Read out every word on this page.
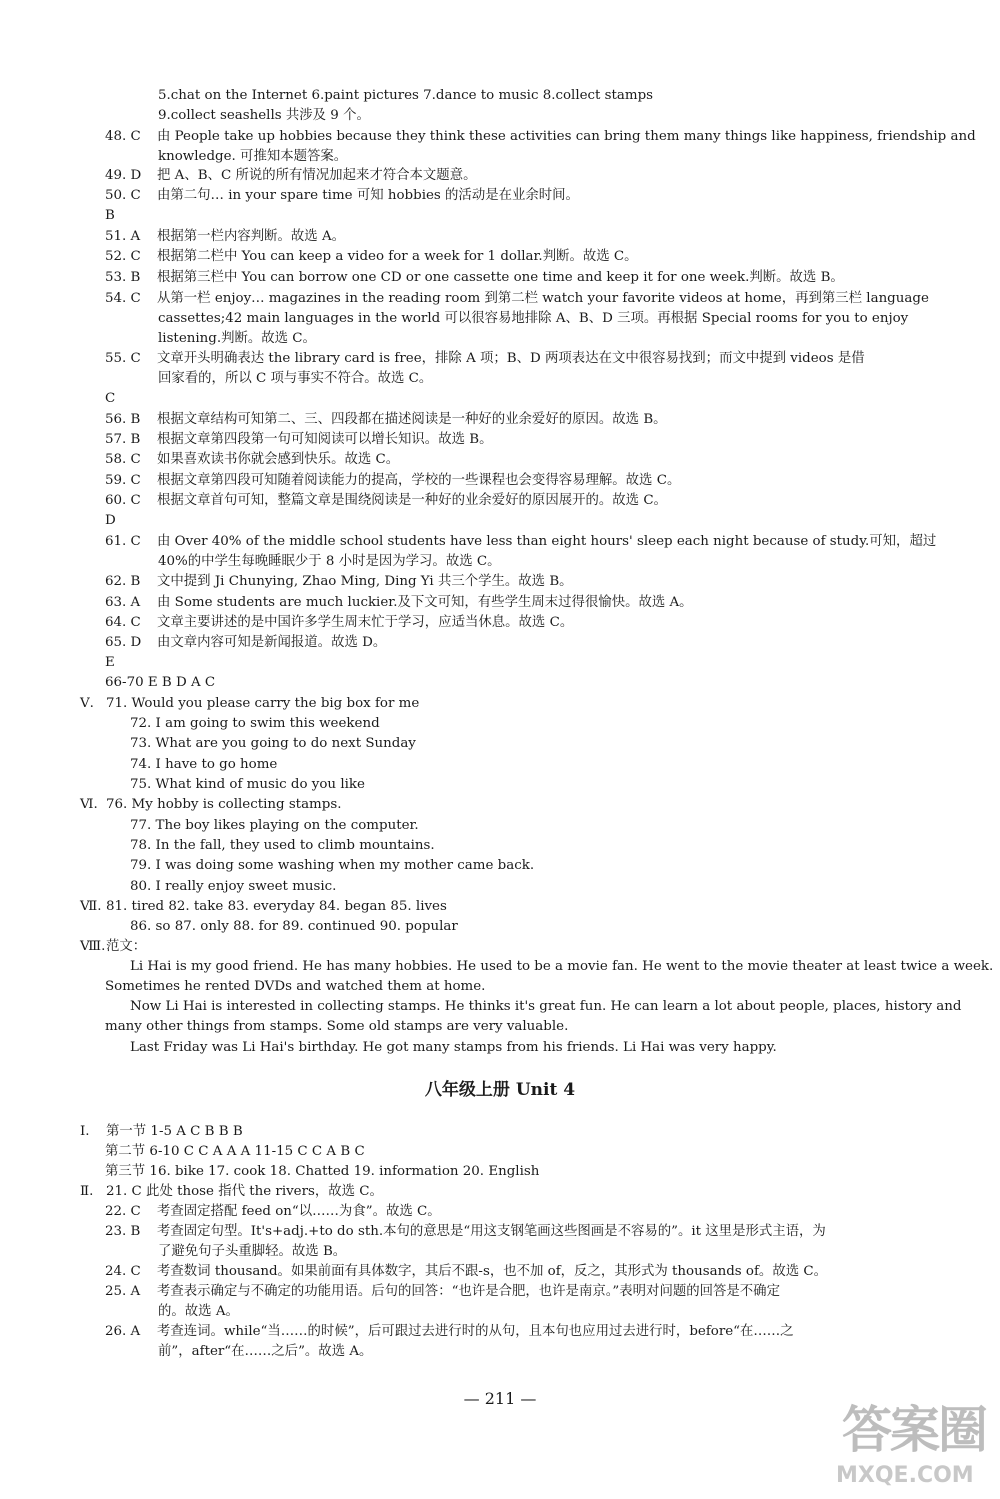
5.chat on the Internet 6.paint pictures 7.dance to music 8.collect stamps
9.collect seashells 共涉及 9 个。
48. C 由 People take up hobbies because they think these activities can bring them many things like happiness, friendship and
knowledge. 可推知本题答案。
49. D 把 A、B、C 所说的所有情况加起来才符合本文题意。
50. C 由第二句… in your spare time 可知 hobbies 的活动是在业余时间。
B
51. A 根据第一栏内容判断。故选 A。
52. C 根据第二栏中 You can keep a video for a week for 1 dollar.判断。故选 C。
53. B 根据第三栏中 You can borrow one CD or one cassette one time and keep it for one week.判断。故选 B。
54. C 从第一栏 enjoy… magazines in the reading room 到第二栏 watch your favorite videos at home，再到第三栏 language
cassettes;42 main languages in the world 可以很容易地排除 A、B、D 三项。再根据 Special rooms for you to enjoy
listening.判断。故选 C。
55. C 文章开头明确表达 the library card is free，排除 A 项；B、D 两项表达在文中很容易找到；而文中提到 videos 是借
回家看的，所以 C 项与事实不符合。故选 C。
C
56. B 根据文章结构可知第二、三、四段都在描述阅读是一种好的业余爱好的原因。故选 B。
57. B 根据文章第四段第一句可知阅读可以增长知识。故选 B。
58. C 如果喜欢读书你就会感到快乐。故选 C。
59. C 根据文章第四段可知随着阅读能力的提高，学校的一些课程也会变得容易理解。故选 C。
60. C 根据文章首句可知，整篇文章是围绕阅读是一种好的业余爱好的原因展开的。故选 C。
D
61. C 由 Over 40% of the middle school students have less than eight hours' sleep each night because of study.可知，超过
40%的中学生每晚睡眠少于 8 小时是因为学习。故选 C。
62. B 文中提到 Ji Chunying, Zhao Ming, Ding Yi 共三个学生。故选 B。
63. A 由 Some students are much luckier.及下文可知，有些学生周末过得很愉快。故选 A。
64. C 文章主要讲述的是中国许多学生周末忙于学习，应适当休息。故选 C。
65. D 由文章内容可知是新闻报道。故选 D。
E
66-70 E B D A C
Ⅴ. 71. Would you please carry the big box for me
72. I am going to swim this weekend
73. What are you going to do next Sunday
74. I have to go home
75. What kind of music do you like
Ⅵ. 76. My hobby is collecting stamps.
77. The boy likes playing on the computer.
78. In the fall, they used to climb mountains.
79. I was doing some washing when my mother came back.
80. I really enjoy sweet music.
Ⅶ. 81. tired 82. take 83. everyday 84. began 85. lives
86. so 87. only 88. for 89. continued 90. popular
Ⅷ.范文：
Li Hai is my good friend. He has many hobbies. He used to be a movie fan. He went to the movie theater at least twice a week.
Sometimes he rented DVDs and watched them at home.
Now Li Hai is interested in collecting stamps. He thinks it's great fun. He can learn a lot about people, places, history and
many other things from stamps. Some old stamps are very valuable.
Last Friday was Li Hai's birthday. He got many stamps from his friends. Li Hai was very happy.
Ⅰ. 第一节 1-5 A C B B B
第二节 6-10 C C A A A 11-15 C C A B C
第三节 16. bike 17. cook 18. Chatted 19. information 20. English
Ⅱ. 21. C 此处 those 指代 the rivers，故选 C。
22. C 考查固定搭配 feed on“以……为食”。故选 C。
23. B 考查固定句型。It's+adj.+to do sth.本句的意思是“用这支钢笔画这些图画是不容易的”。it 这里是形式主语，为
了避免句子头重脚轻。故选 B。
24. C 考查数词 thousand。如果前面有具体数字，其后不跟-s，也不加 of，反之，其形式为 thousands of。故选 C。
25. A 考查表示确定与不确定的功能用语。后句的回答：“也许是合肥，也许是南京。”表明对问题的回答是不确定
的。故选 A。
26. A 考查连词。while“当……的时候”，后可跟过去进行时的从句，且本句也应用过去进行时，before“在……之
前”，after“在……之后”。故选 A。
八年级上册 Unit 4
— 211 —
答案圈
MXQE.COM
